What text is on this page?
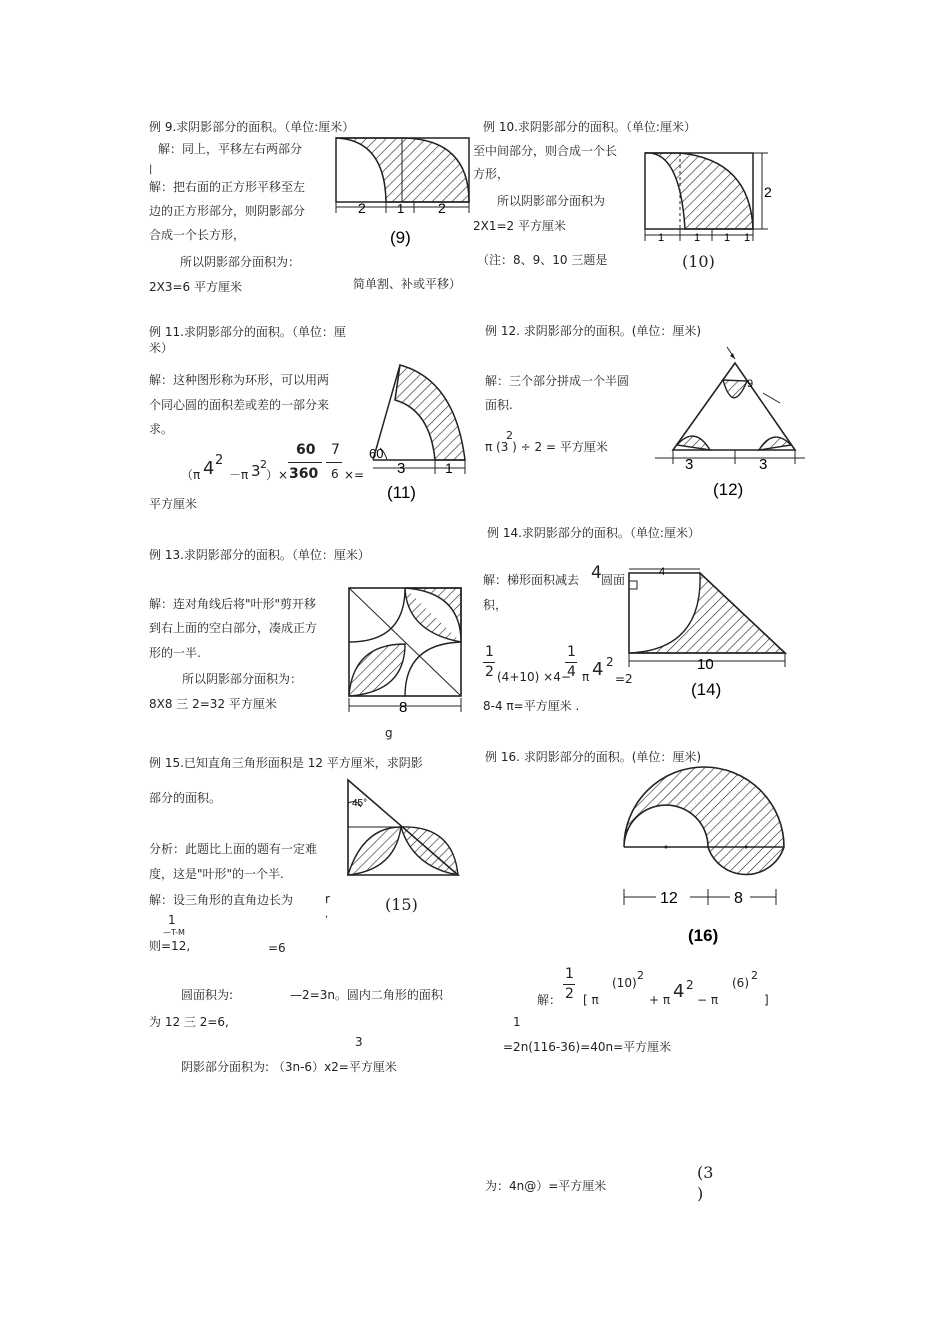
例 9.求阴影部分的面积。（单位:厘米）
解：同上，平移左右两部分
|
解：把右面的正方形平移至左
边的正方形部分，则阴影部分
合成一个长方形，
所以阴影部分面积为：
2X3=6 平方厘米
2 1 2
(9)
例 10.求阴影部分的面积。（单位:厘米）
至中间部分，则合成一个长
方形，
所以阴影部分面积为
2X1=2 平方厘米
（注：8、9、10 三题是
简单割、补或平移）
2
1	1 1 1
(10)
例 11.求阴影部分的面积。（单位：厘
米）
解：这种图形称为环形，可以用两
个同心圆的面积差或差的一部分来
求。
（π 4 2
－π 3 2
）×
60
360
7
6 ×=
平方厘米
60
3	1
(11)
例 12. 求阴影部分的面积。(单位：厘米)
解：三个部分拼成一个半圆
面积.
π (3 ) ÷ 2 = 平方厘米
2
9
3	3
(12)
例 13.求阴影部分的面积。（单位：厘米）
解：连对角线后将"叶形"剪开移
到右上面的空白部分，凑成正方
形的一半.
所以阴影部分面积为：
8X8 三 2=32 平方厘米
g
8
例 14.求阴影部分的面积。（单位:厘米）
解：梯形面积减去 4 圆面
积，
1
2 (4+10) ×4−
1
4 π 4 2
=2
8-4 π=平方厘米 .
4
10
(14)
例 15.已知直角三角形面积是 12 平方厘米，求阴影
部分的面积。
分析：此题比上面的题有一定难
度，这是"叶形"的一个半.
解：设三角形的直角边长为	r
,
1
—T-M
则=12,	=6
圆面积为:	—2=3n。圆内二角形的面积
为 12 三 2=6,
3
阴影部分面积为: （3n-6）x2=平方厘米
45°
(15)
例 16. 求阴影部分的面积。(单位：厘米)
12	8
(16)
解：
1
2 [ π
(10)
2
+ π 4 2
− π
(6)
2
]
1
=2n(116-36)=40n=平方厘米
为：4n@）=平方厘米
(3
)
